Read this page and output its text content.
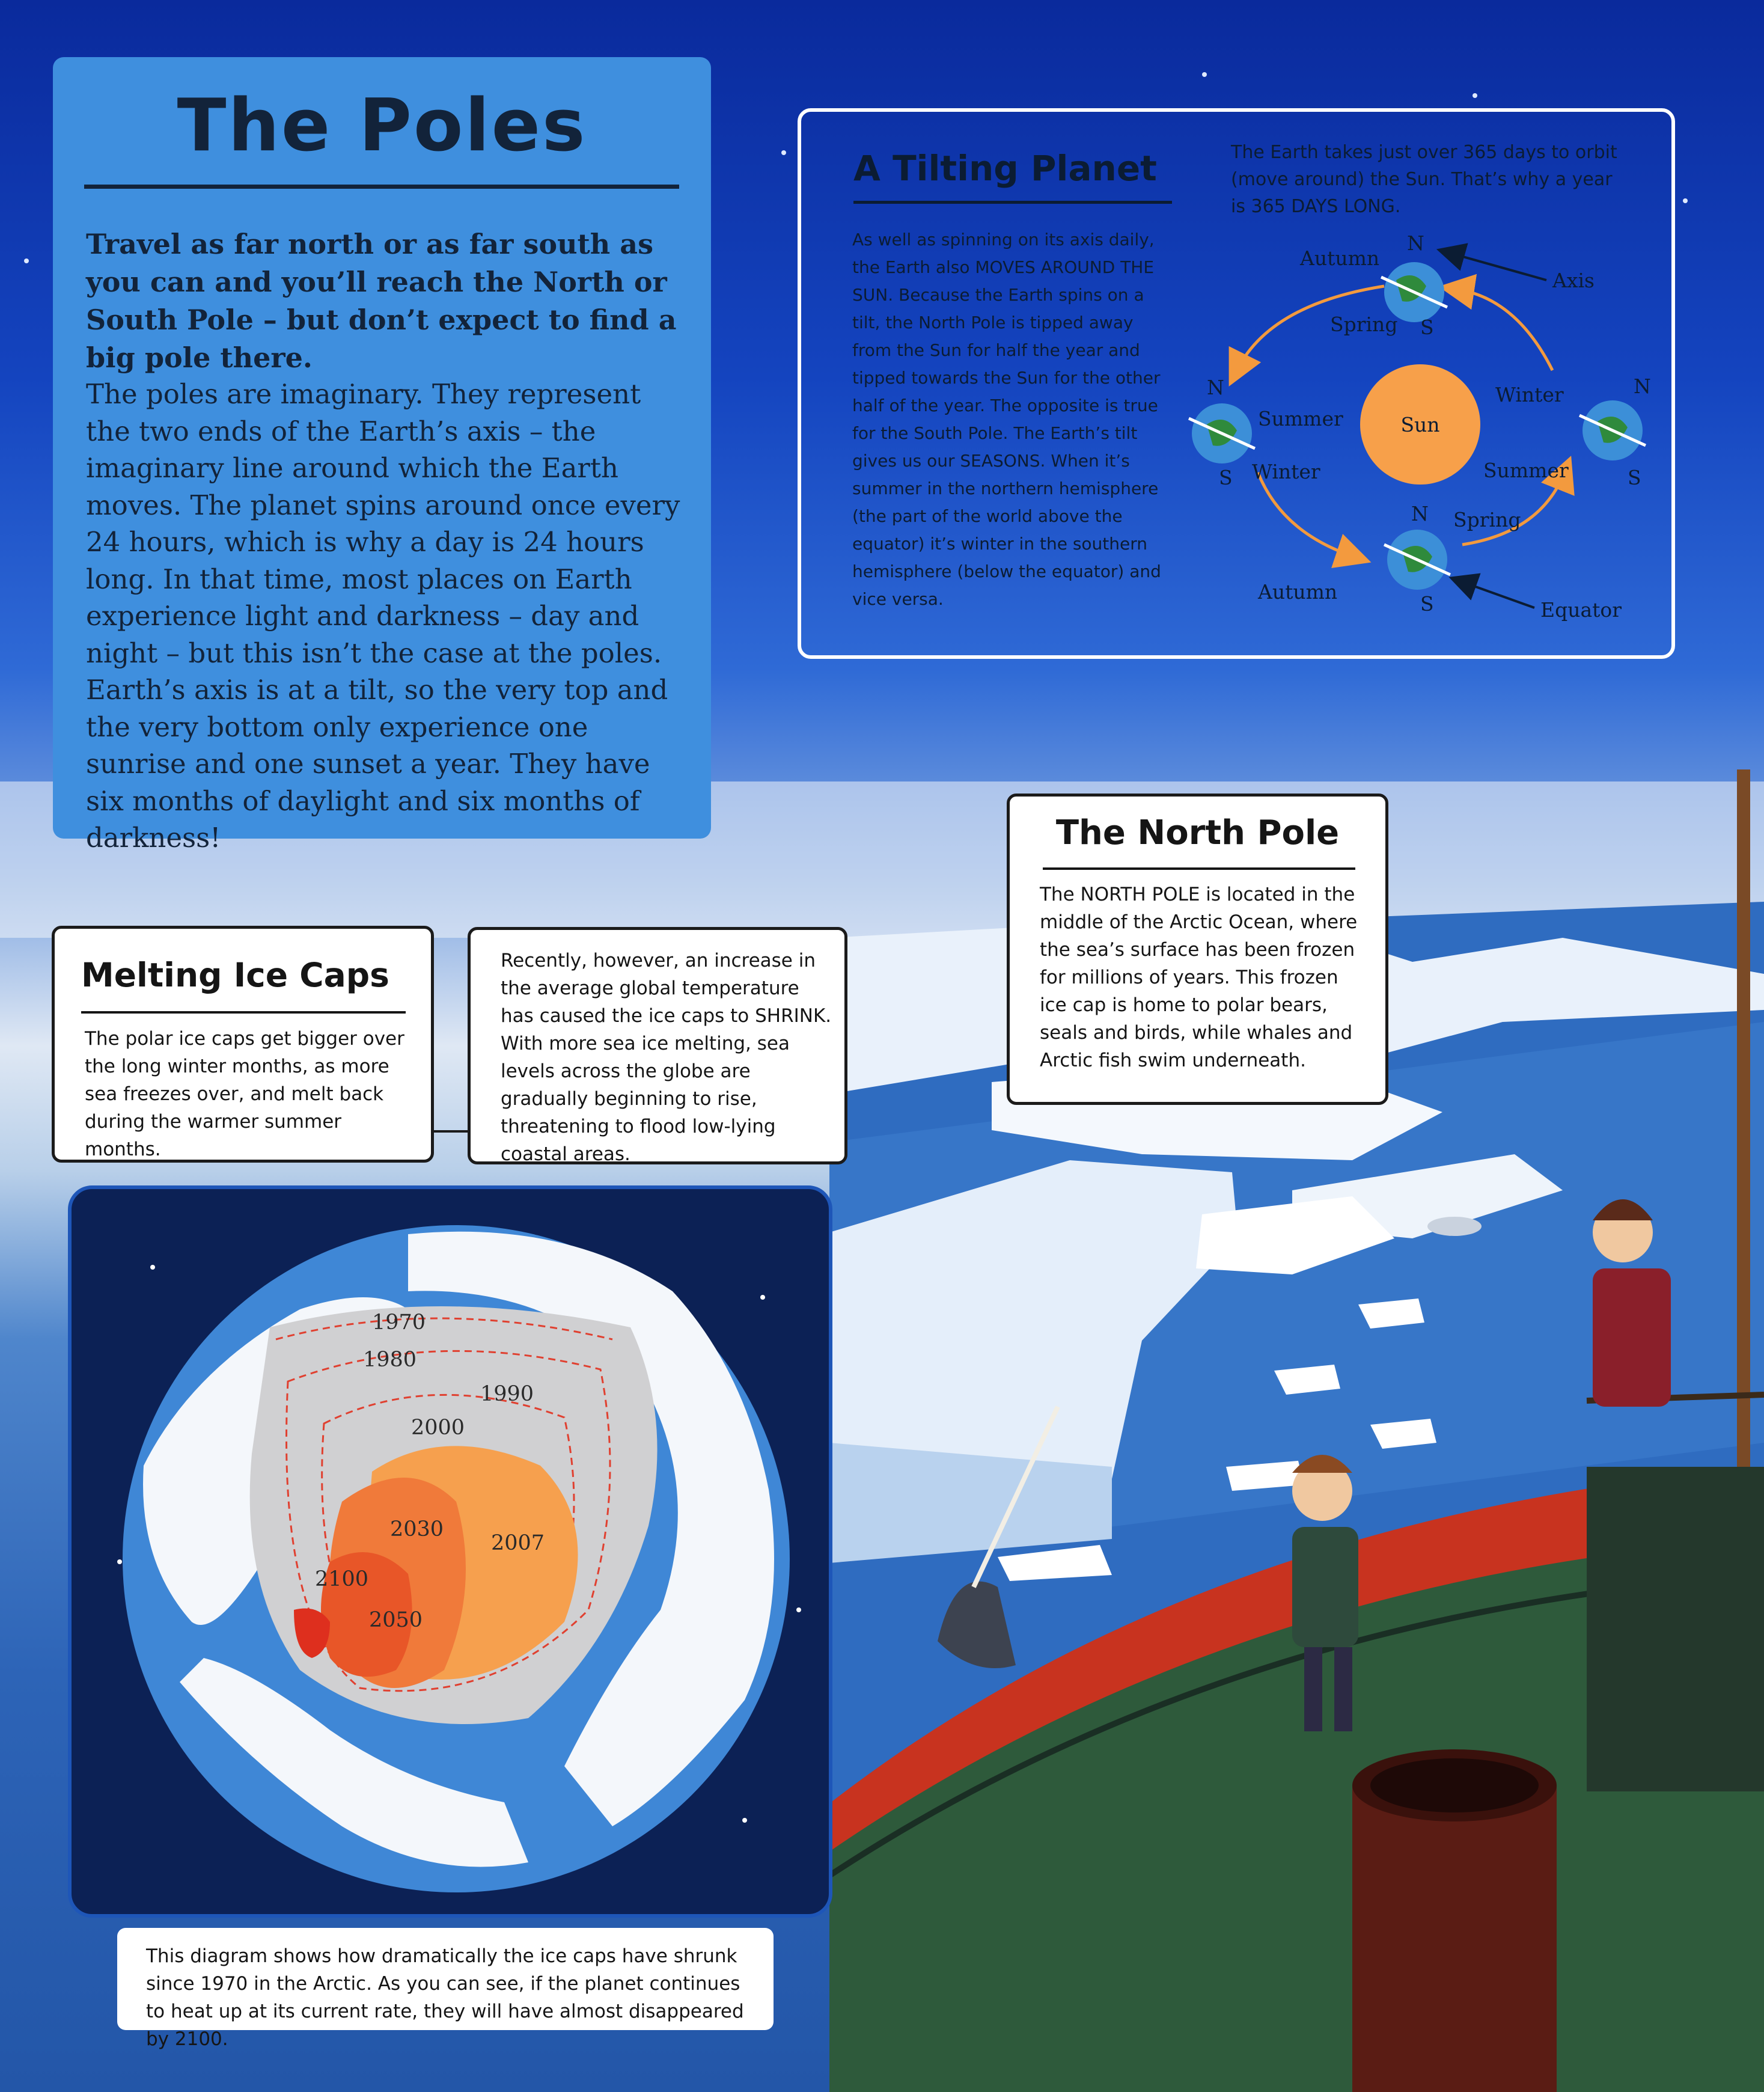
The Poles

Travel as far north or as far south as you can and you’ll reach the North or South Pole – but don’t expect to find a big pole there.

The poles are imaginary. They represent the two ends of the Earth’s axis – the imaginary line around which the Earth moves. The planet spins around once every 24 hours, which is why a day is 24 hours long. In that time, most places on Earth experience light and darkness – day and night – but this isn’t the case at the poles. Earth’s axis is at a tilt, so the very top and the very bottom only experience one sunrise and one sunset a year. They have six months of daylight and six months of darkness!

A Tilting Planet

As well as spinning on its axis daily, the Earth also MOVES AROUND THE SUN. Because the Earth spins on a tilt, the North Pole is tipped away from the Sun for half the year and tipped towards the Sun for the other half of the year. The opposite is true for the South Pole. The Earth’s tilt gives us our SEASONS. When it’s summer in the northern hemisphere (the part of the world above the equator) it’s winter in the southern hemisphere (below the equator) and vice versa.

The Earth takes just over 365 days to orbit (move around) the Sun. That’s why a year is 365 DAYS LONG.

Sun
N
S
Autumn
Spring
Axis
N
S
Summer
Winter
N
S
Winter
Summer
N
S
Spring
Autumn
Equator
The North Pole

The NORTH POLE is located in the middle of the Arctic Ocean, where the sea’s surface has been frozen for millions of years. This frozen ice cap is home to polar bears, seals and birds, while whales and Arctic fish swim underneath.

Melting Ice Caps

The polar ice caps get bigger over the long winter months, as more sea freezes over, and melt back during the warmer summer months.

Recently, however, an increase in the average global temperature has caused the ice caps to SHRINK. With more sea ice melting, sea levels across the globe are gradually beginning to rise, threatening to flood low-lying coastal areas.

1970
1980
1990
2000
2007
2030
2050
2100

This diagram shows how dramatically the ice caps have shrunk since 1970 in the Arctic. As you can see, if the planet continues to heat up at its current rate, they will have almost disappeared by 2100.
